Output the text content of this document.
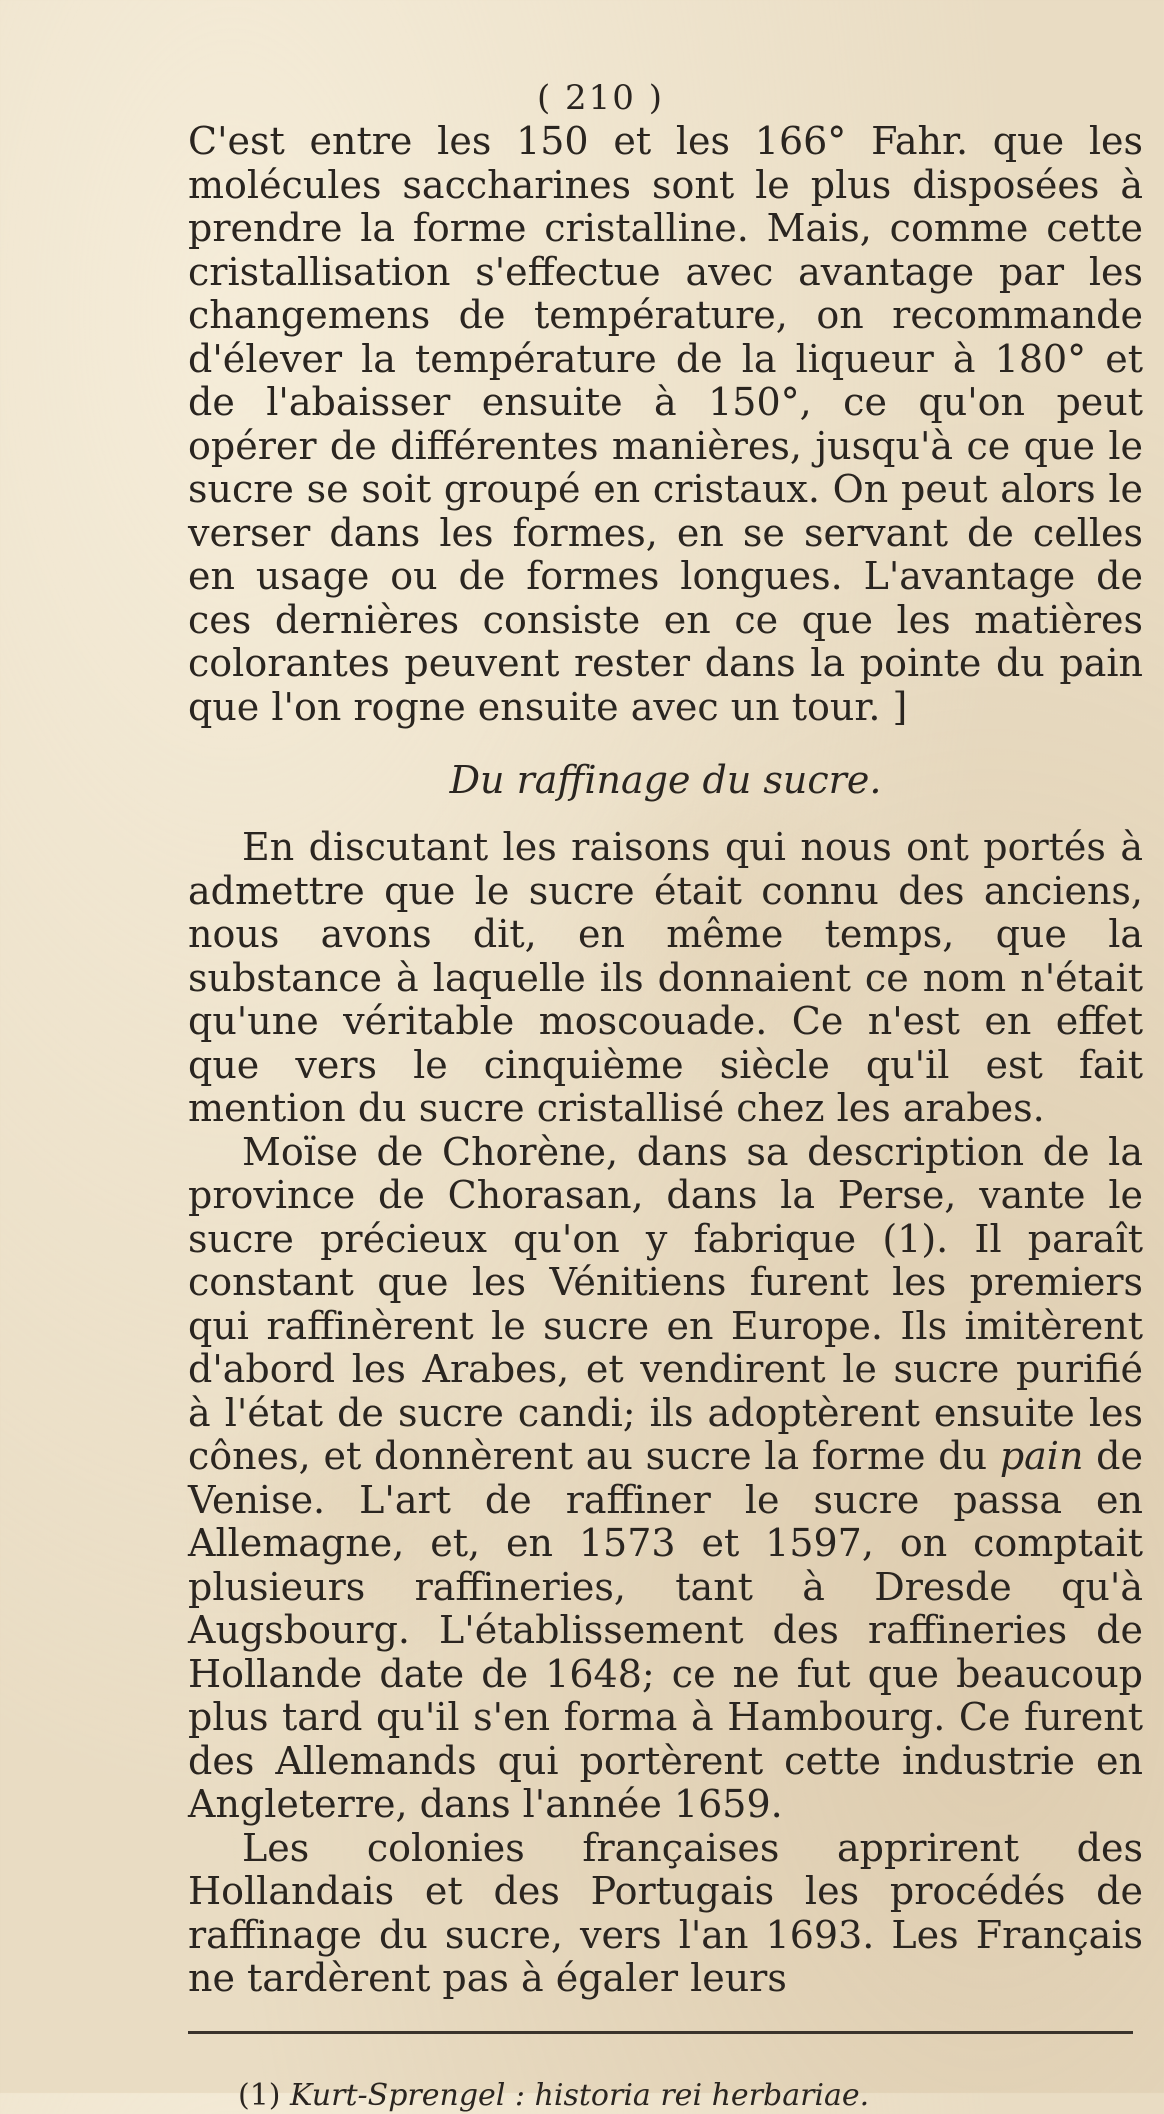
( 210 )

C'est entre les 150 et les 166° Fahr. que les molécules saccharines sont le plus disposées à prendre la forme cristalline. Mais, comme cette cristallisation s'effectue avec avantage par les changemens de température, on recommande d'élever la température de la liqueur à 180° et de l'abaisser ensuite à 150°, ce qu'on peut opérer de différentes manières, jusqu'à ce que le sucre se soit groupé en cristaux. On peut alors le verser dans les formes, en se servant de celles en usage ou de formes longues. L'avantage de ces dernières consiste en ce que les matières colorantes peuvent rester dans la pointe du pain que l'on rogne ensuite avec un tour. ]

Du raffinage du sucre.

En discutant les raisons qui nous ont portés à admettre que le sucre était connu des anciens, nous avons dit, en même temps, que la substance à laquelle ils donnaient ce nom n'était qu'une véritable moscouade. Ce n'est en effet que vers le cinquième siècle qu'il est fait mention du sucre cristallisé chez les arabes.

Moïse de Chorène, dans sa description de la province de Chorasan, dans la Perse, vante le sucre précieux qu'on y fabrique (1). Il paraît constant que les Vénitiens furent les premiers qui raffinèrent le sucre en Europe. Ils imitèrent d'abord les Arabes, et vendirent le sucre purifié à l'état de sucre candi; ils adoptèrent ensuite les cônes, et donnèrent au sucre la forme du pain de Venise. L'art de raffiner le sucre passa en Allemagne, et, en 1573 et 1597, on comptait plusieurs raffineries, tant à Dresde qu'à Augsbourg. L'établissement des raffineries de Hollande date de 1648; ce ne fut que beaucoup plus tard qu'il s'en forma à Hambourg. Ce furent des Allemands qui portèrent cette industrie en Angleterre, dans l'année 1659.

Les colonies françaises apprirent des Hollandais et des Portugais les procédés de raffinage du sucre, vers l'an 1693. Les Français ne tardèrent pas à égaler leurs

(1) Kurt-Sprengel : historia rei herbariae.
